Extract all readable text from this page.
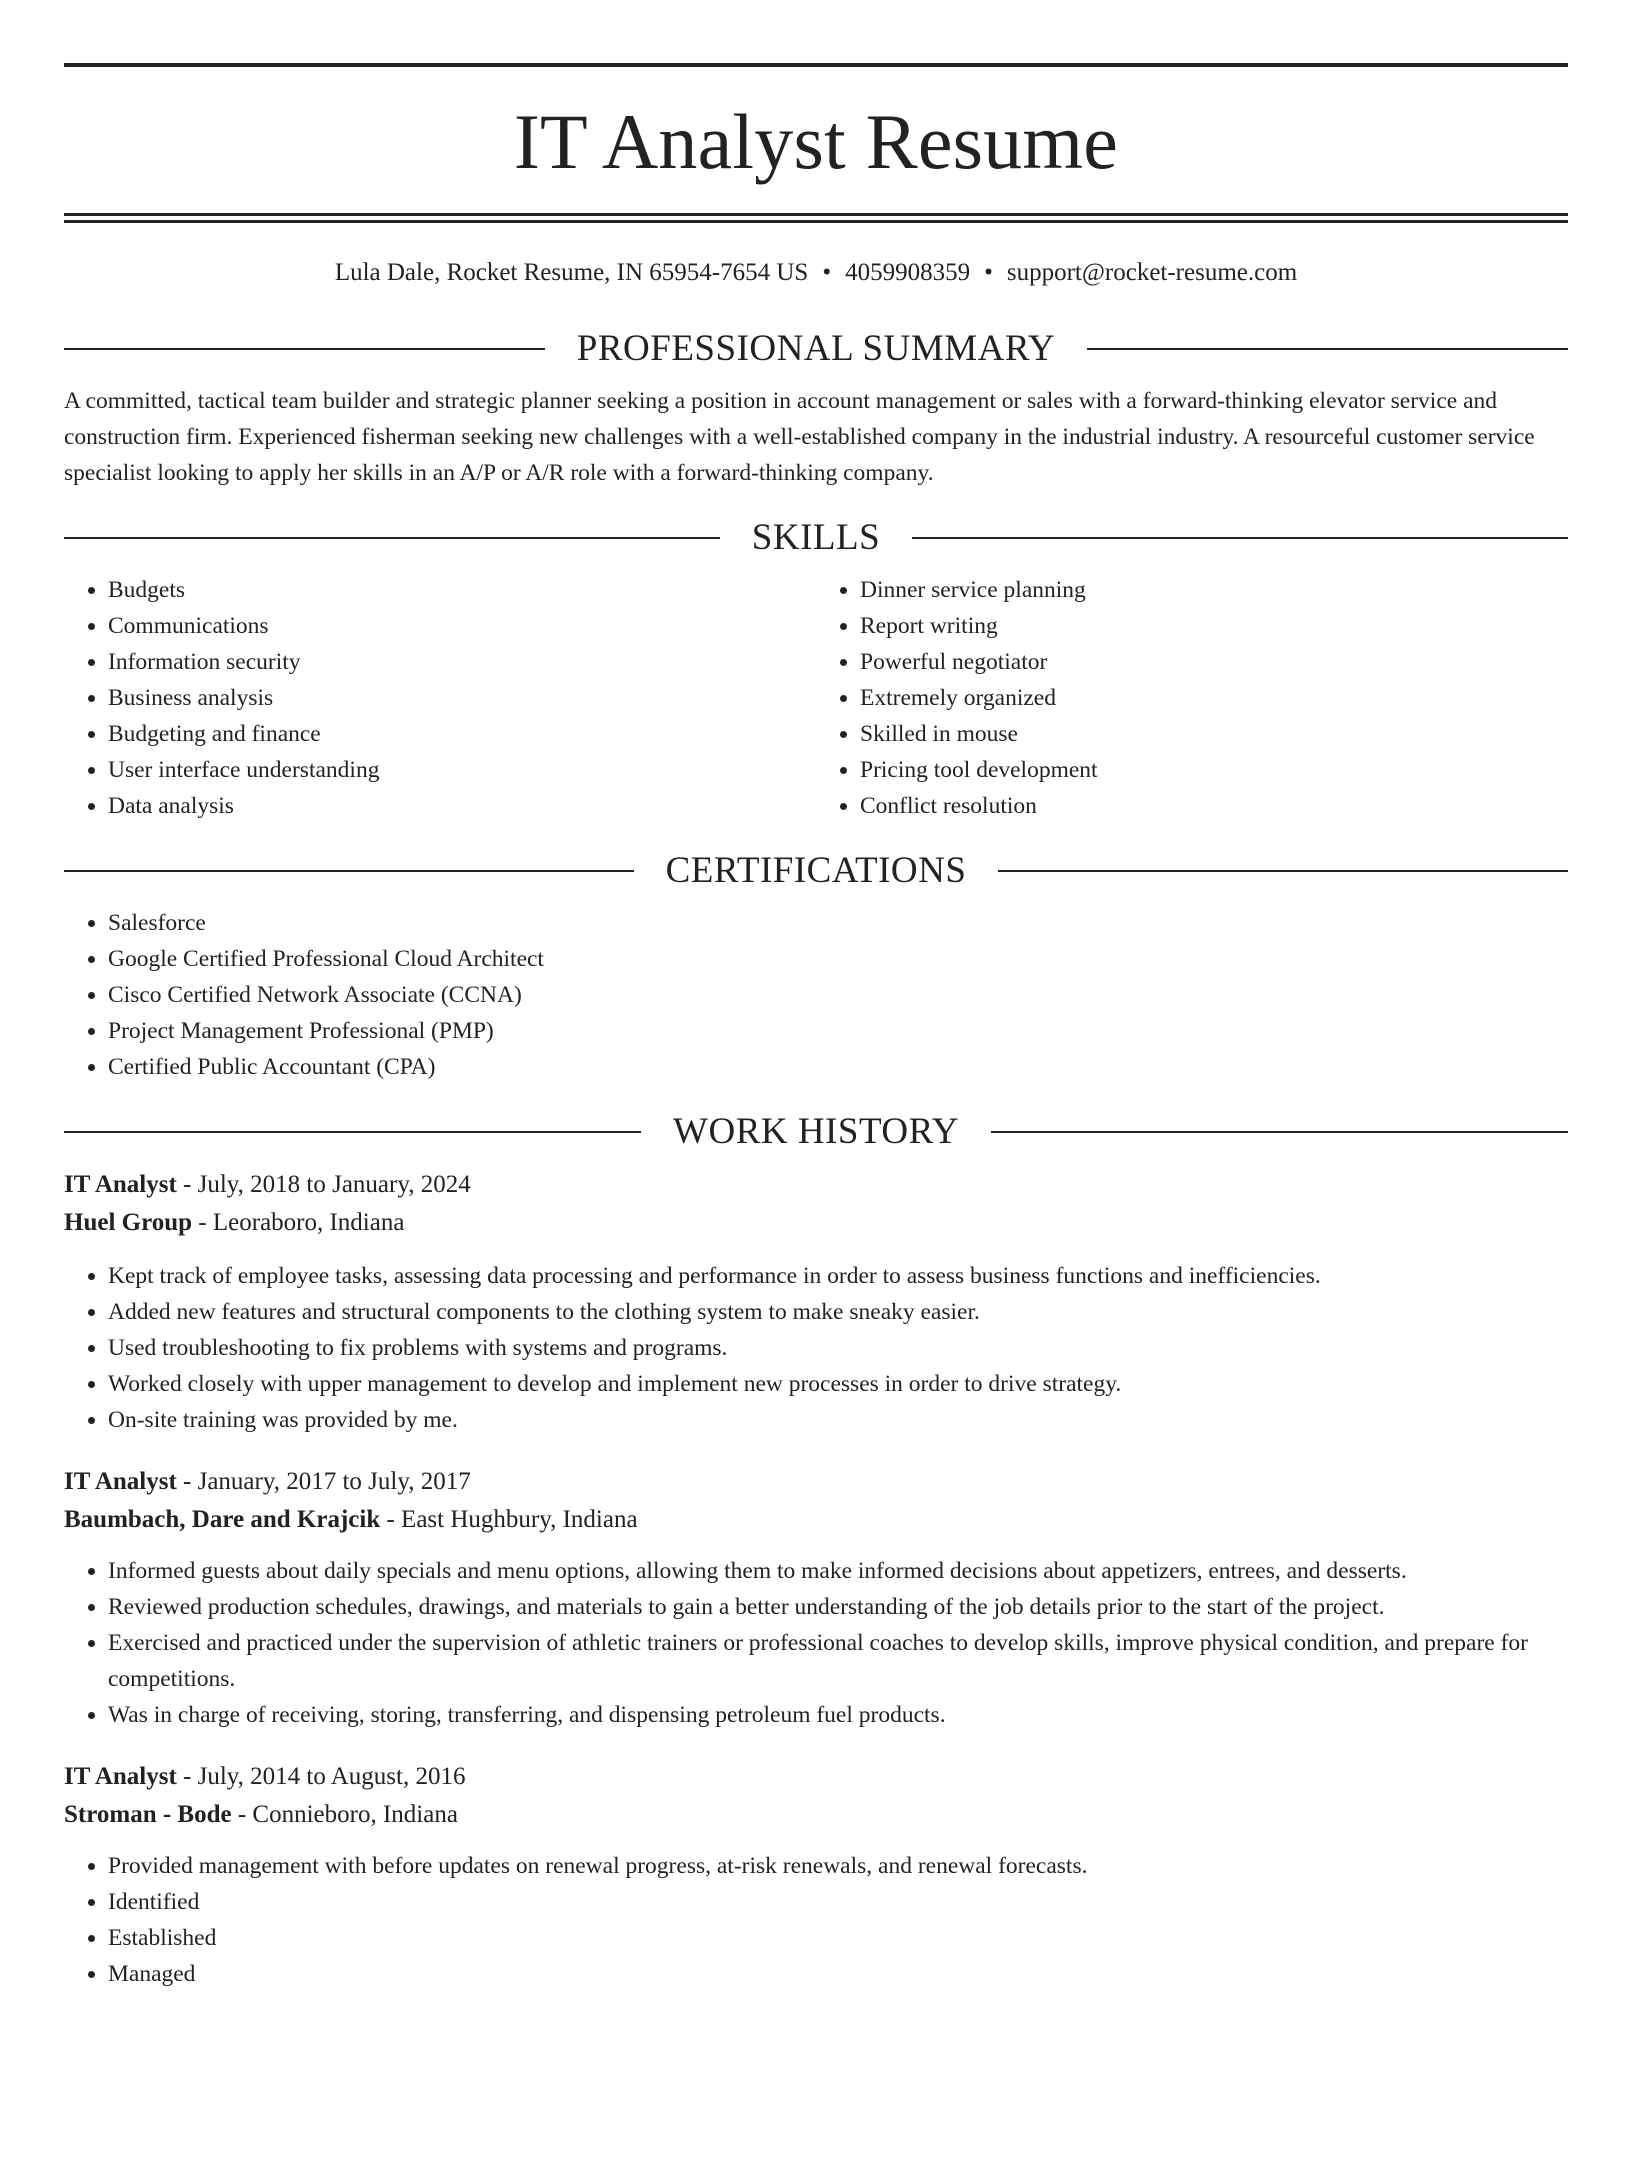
IT Analyst Resume
Lula Dale, Rocket Resume, IN 65954-7654 US • 4059908359 • support@rocket-resume.com
PROFESSIONAL SUMMARY

A committed, tactical team builder and strategic planner seeking a position in account management or sales with a forward-thinking elevator service and construction firm. Experienced fisherman seeking new challenges with a well-established company in the industrial industry. A resourceful customer service specialist looking to apply her skills in an A/P or A/R role with a forward-thinking company.

SKILLS
• Budgets
• Communications
• Information security
• Business analysis
• Budgeting and finance
• User interface understanding
• Data analysis
• Dinner service planning
• Report writing
• Powerful negotiator
• Extremely organized
• Skilled in mouse
• Pricing tool development
• Conflict resolution
CERTIFICATIONS
• Salesforce
• Google Certified Professional Cloud Architect
• Cisco Certified Network Associate (CCNA)
• Project Management Professional (PMP)
• Certified Public Accountant (CPA)
WORK HISTORY
IT Analyst - July, 2018 to January, 2024
Huel Group - Leoraboro, Indiana
• Kept track of employee tasks, assessing data processing and performance in order to assess business functions and inefficiencies.
• Added new features and structural components to the clothing system to make sneaky easier.
• Used troubleshooting to fix problems with systems and programs.
• Worked closely with upper management to develop and implement new processes in order to drive strategy.
• On-site training was provided by me.
IT Analyst - January, 2017 to July, 2017
Baumbach, Dare and Krajcik - East Hughbury, Indiana
• Informed guests about daily specials and menu options, allowing them to make informed decisions about appetizers, entrees, and desserts.
• Reviewed production schedules, drawings, and materials to gain a better understanding of the job details prior to the start of the project.
• Exercised and practiced under the supervision of athletic trainers or professional coaches to develop skills, improve physical condition, and prepare for competitions.
• Was in charge of receiving, storing, transferring, and dispensing petroleum fuel products.
IT Analyst - July, 2014 to August, 2016
Stroman - Bode - Connieboro, Indiana
• Provided management with before updates on renewal progress, at-risk renewals, and renewal forecasts.
• Identified
• Established
• Managed
